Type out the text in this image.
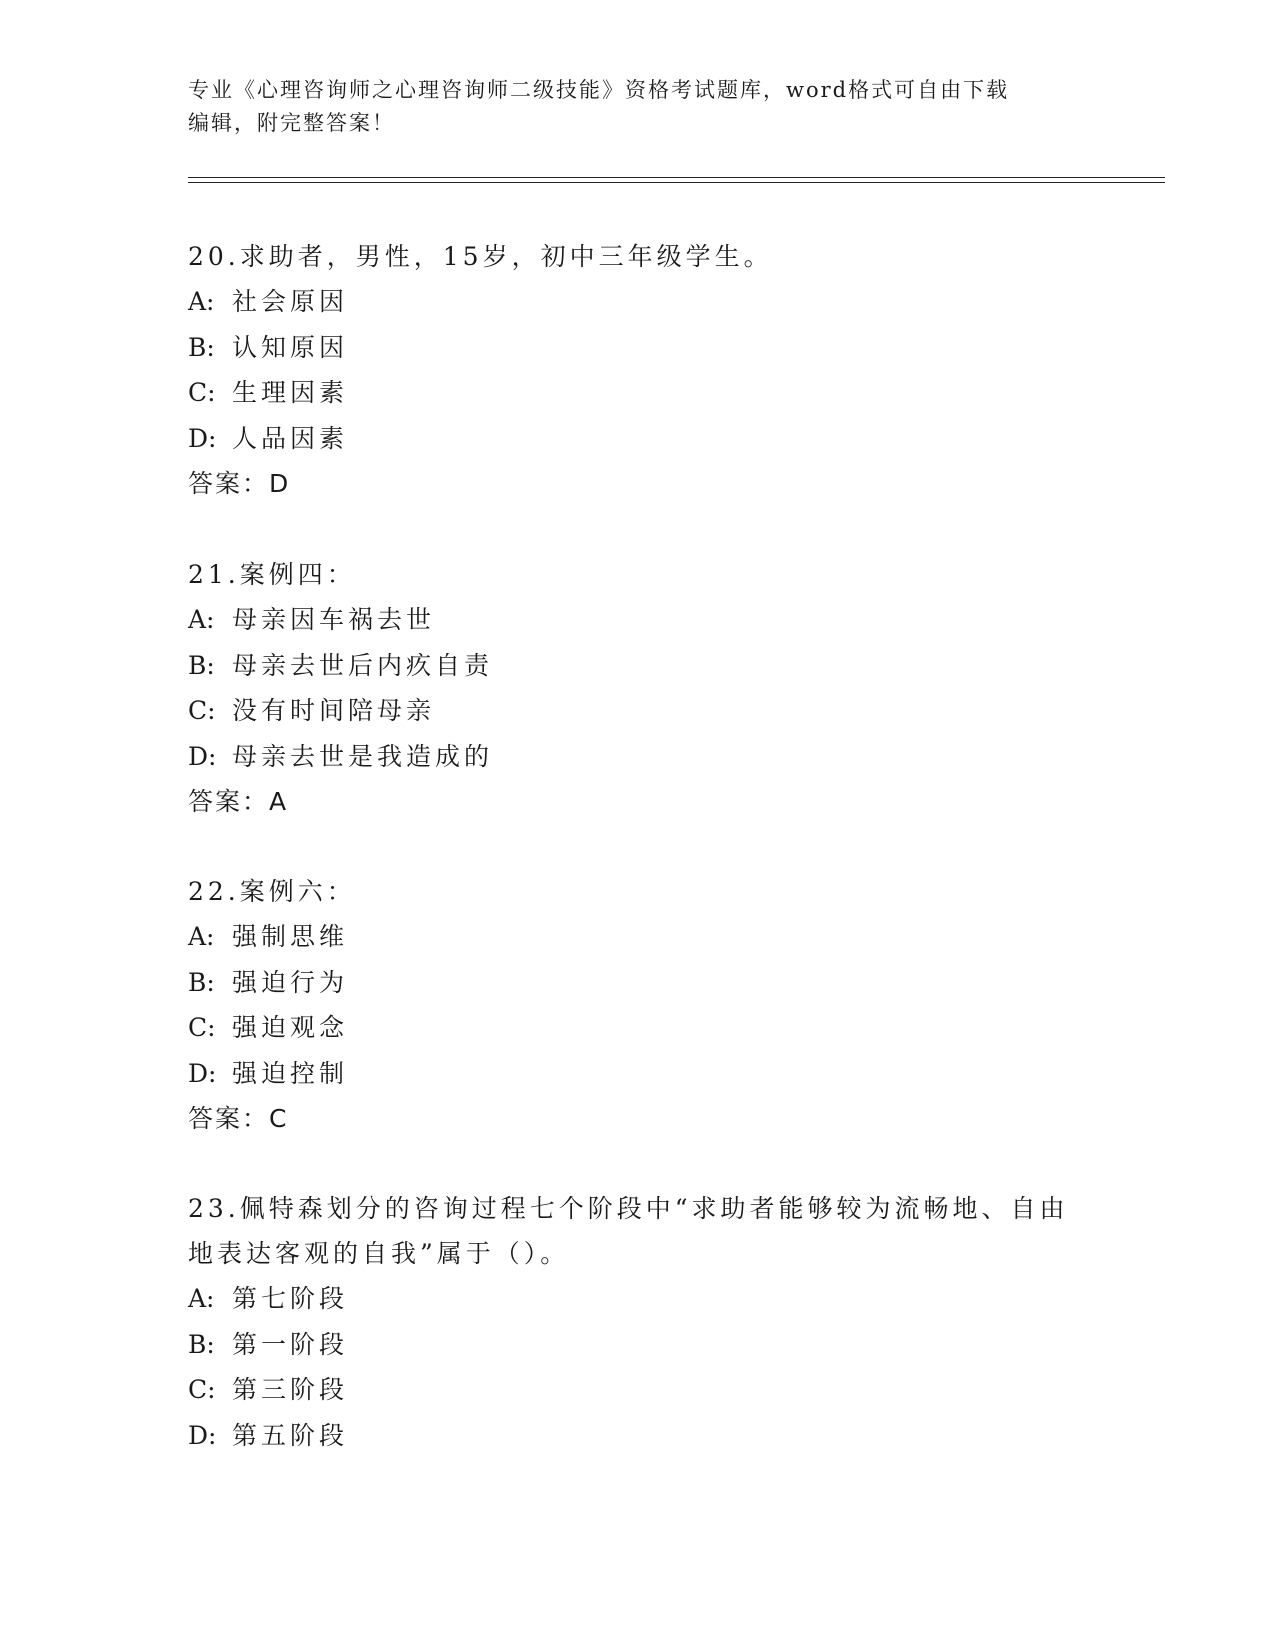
专业《心理咨询师之心理咨询师二级技能》资格考试题库，word格式可自由下载
编辑，附完整答案！

20.求助者，男性，15岁，初中三年级学生。

A: 社会原因

B: 认知原因

C: 生理因素

D: 人品因素

答案：D

21.案例四：

A: 母亲因车祸去世

B: 母亲去世后内疚自责

C: 没有时间陪母亲

D: 母亲去世是我造成的

答案：A

22.案例六：

A: 强制思维

B: 强迫行为

C: 强迫观念

D: 强迫控制

答案：C

23.佩特森划分的咨询过程七个阶段中“求助者能够较为流畅地、自由

地表达客观的自我”属于（）。

A: 第七阶段

B: 第一阶段

C: 第三阶段

D: 第五阶段
